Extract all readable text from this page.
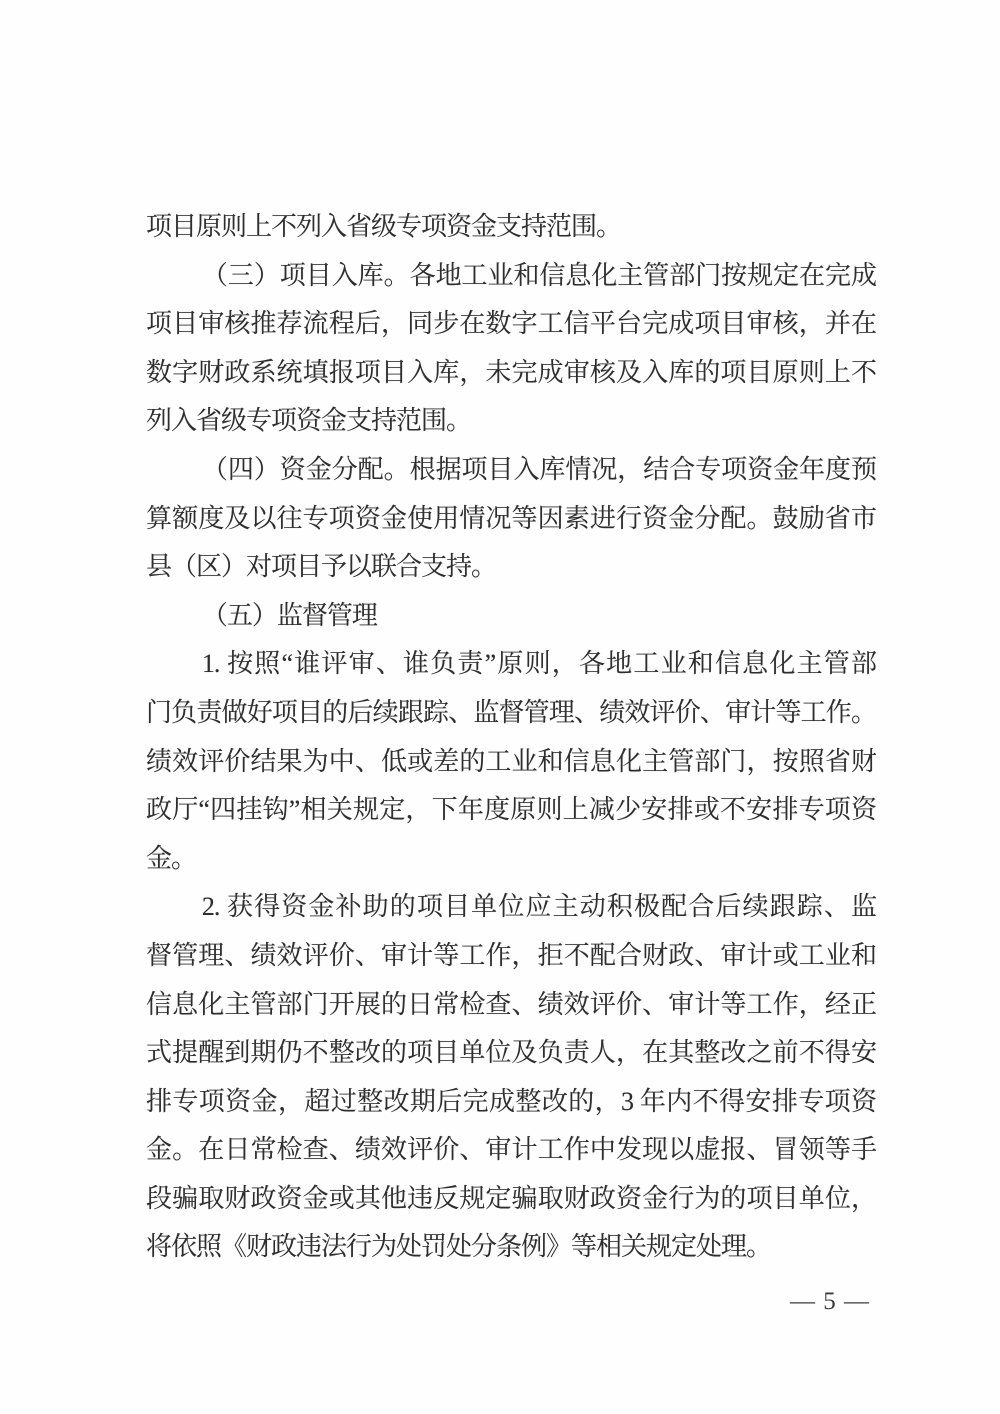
项目原则上不列入省级专项资金支持范围。
（三）项目入库。各地工业和信息化主管部门按规定在完成
项目审核推荐流程后，同步在数字工信平台完成项目审核，并在
数字财政系统填报项目入库，未完成审核及入库的项目原则上不
列入省级专项资金支持范围。
（四）资金分配。根据项目入库情况，结合专项资金年度预
算额度及以往专项资金使用情况等因素进行资金分配。鼓励省市
县（区）对项目予以联合支持。
（五）监督管理
1. 按照“谁评审、谁负责”原则，各地工业和信息化主管部
门负责做好项目的后续跟踪、监督管理、绩效评价、审计等工作。
绩效评价结果为中、低或差的工业和信息化主管部门，按照省财
政厅“四挂钩”相关规定，下年度原则上减少安排或不安排专项资
金。
2. 获得资金补助的项目单位应主动积极配合后续跟踪、监
督管理、绩效评价、审计等工作，拒不配合财政、审计或工业和
信息化主管部门开展的日常检查、绩效评价、审计等工作，经正
式提醒到期仍不整改的项目单位及负责人，在其整改之前不得安
排专项资金，超过整改期后完成整改的，3 年内不得安排专项资
金。在日常检查、绩效评价、审计工作中发现以虚报、冒领等手
段骗取财政资金或其他违反规定骗取财政资金行为的项目单位，
将依照《财政违法行为处罚处分条例》等相关规定处理。
— 5 —
